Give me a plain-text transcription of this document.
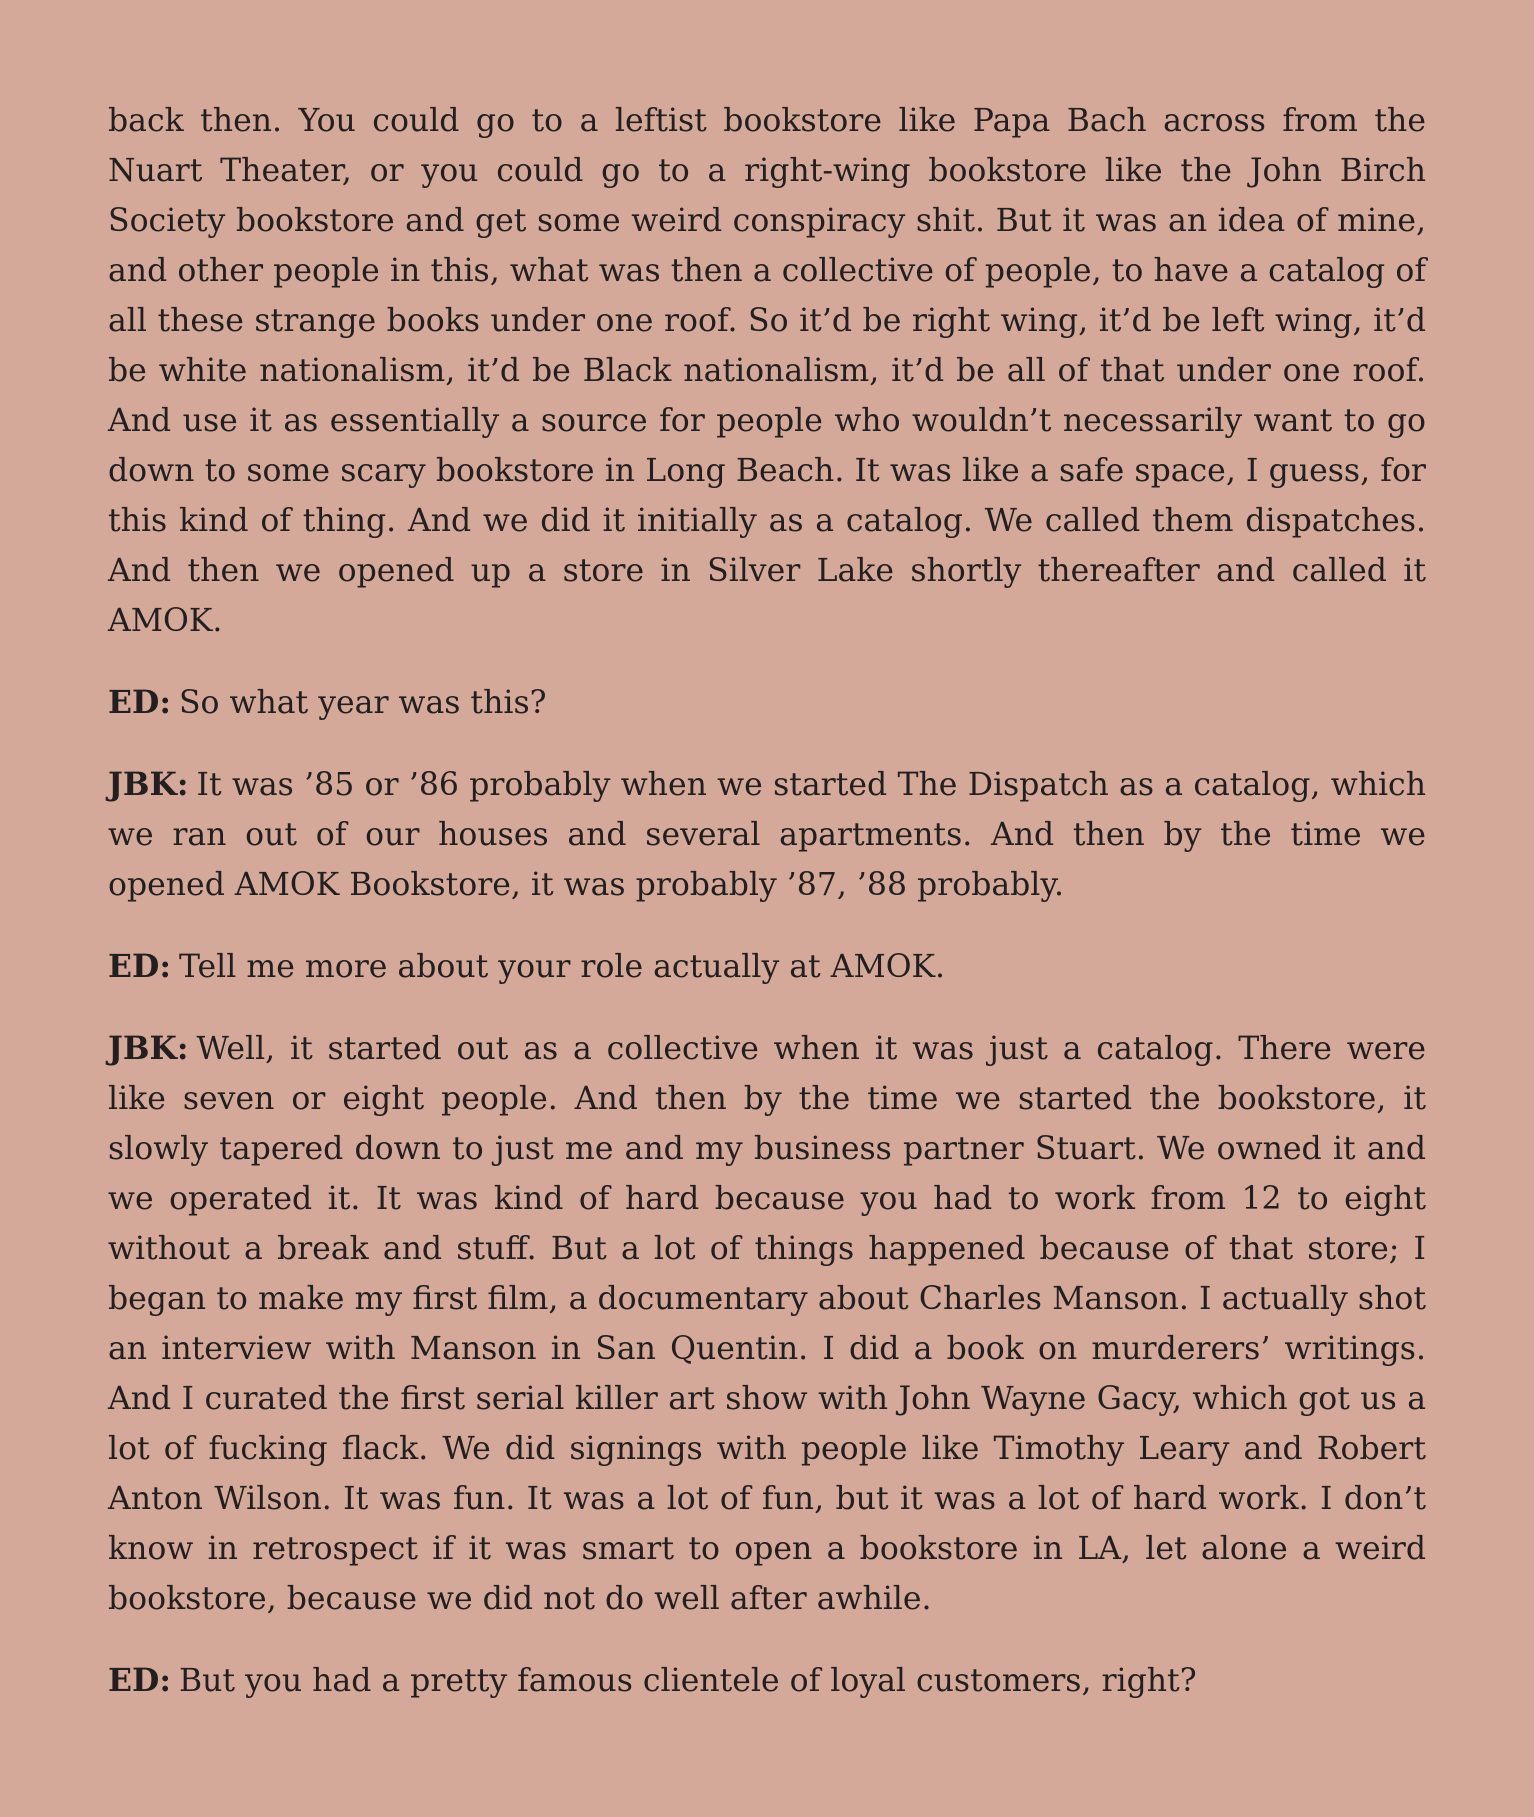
back then. You could go to a leftist bookstore like Papa Bach across from the Nuart Theater, or you could go to a right-wing bookstore like the John Birch Society bookstore and get some weird conspiracy shit. But it was an idea of mine, and other people in this, what was then a collective of people, to have a catalog of all these strange books under one roof. So it’d be right wing, it’d be left wing, it’d be white nationalism, it’d be Black nationalism, it’d be all of that under one roof. And use it as essentially a source for people who wouldn’t necessarily want to go down to some scary bookstore in Long Beach. It was like a safe space, I guess, for this kind of thing. And we did it initially as a catalog. We called them dispatches. And then we opened up a store in Silver Lake shortly thereafter and called it AMOK.

ED: So what year was this?

JBK: It was ’85 or ’86 probably when we started The Dispatch as a catalog, which we ran out of our houses and several apartments. And then by the time we opened AMOK Bookstore, it was probably ’87, ’88 probably.

ED: Tell me more about your role actually at AMOK.

JBK: Well, it started out as a collective when it was just a catalog. There were like seven or eight people. And then by the time we started the bookstore, it slowly tapered down to just me and my business partner Stuart. We owned it and we operated it. It was kind of hard because you had to work from 12 to eight without a break and stuff. But a lot of things happened because of that store; I began to make my first film, a documentary about Charles Manson. I actually shot an interview with Manson in San Quentin. I did a book on murderers’ writings. And I curated the first serial killer art show with John Wayne Gacy, which got us a lot of fucking flack. We did signings with people like Timothy Leary and Robert Anton Wilson. It was fun. It was a lot of fun, but it was a lot of hard work. I don’t know in retrospect if it was smart to open a bookstore in LA, let alone a weird bookstore, because we did not do well after awhile.

ED: But you had a pretty famous clientele of loyal customers, right?
